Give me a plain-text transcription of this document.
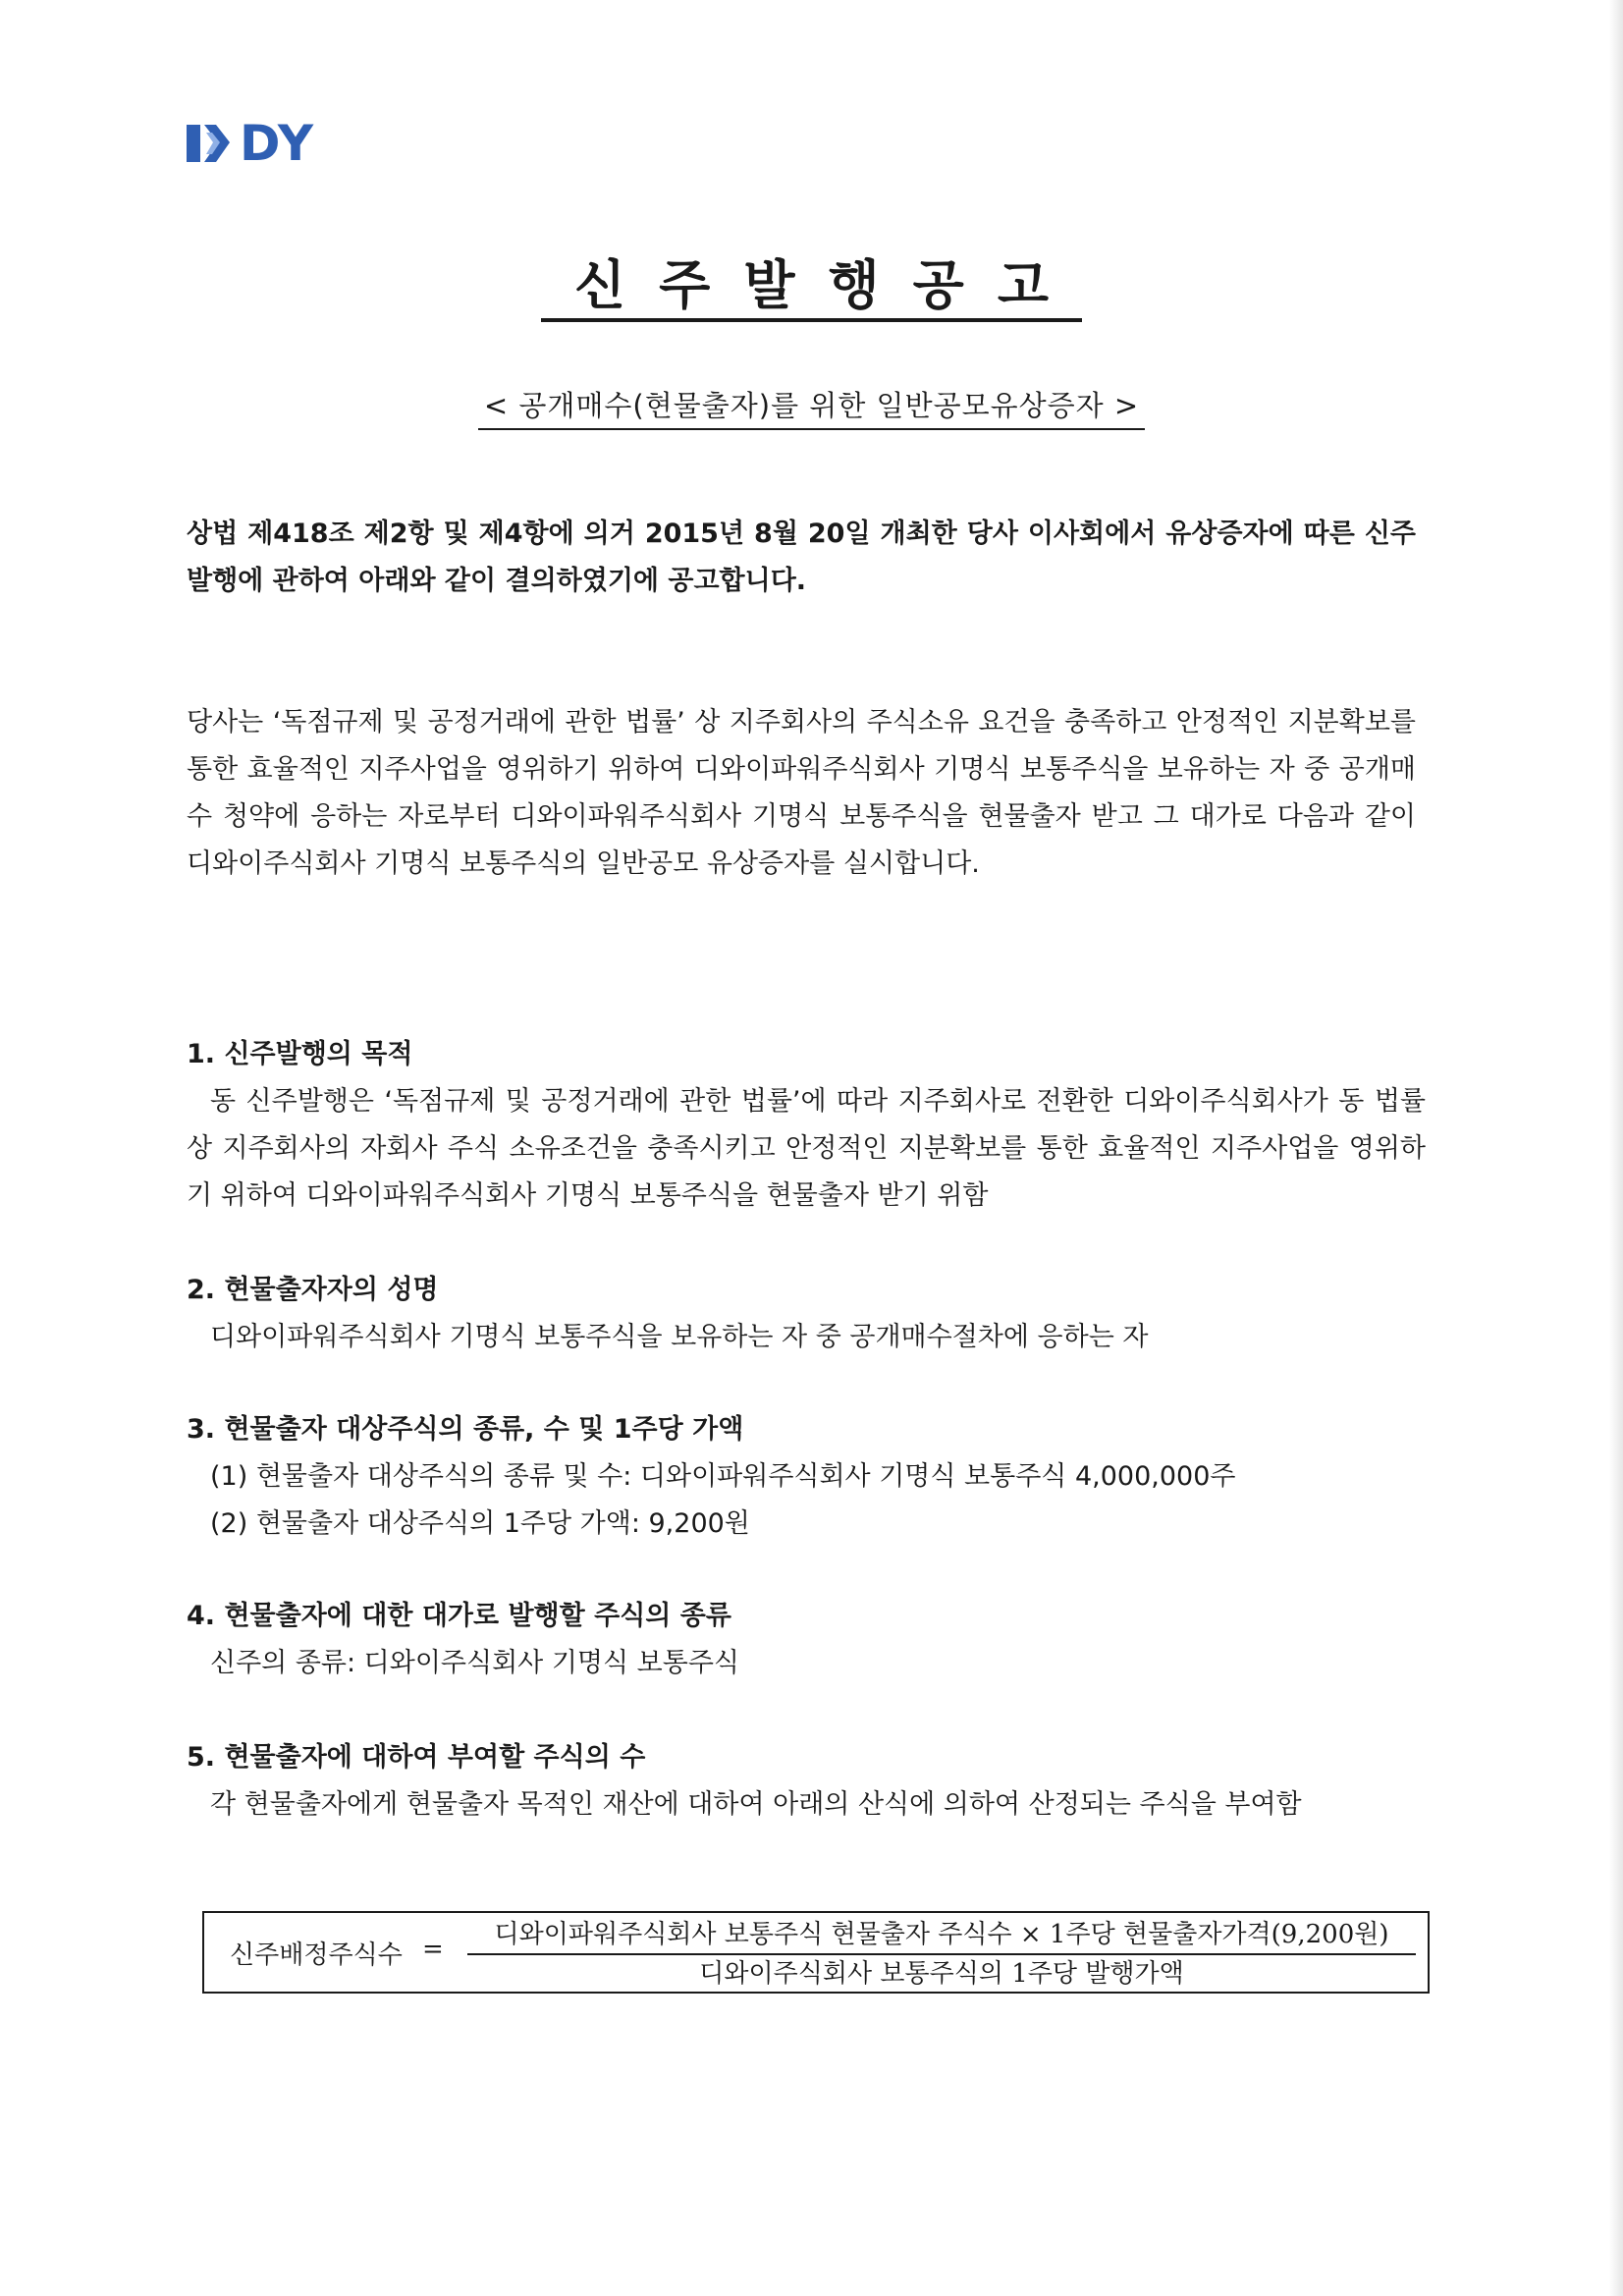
DY
신주발행공고
< 공개매수(현물출자)를 위한 일반공모유상증자 >
상법 제418조 제2항 및 제4항에 의거 2015년 8월 20일 개최한 당사 이사회에서 유상증자에 따른 신주발행에 관하여 아래와 같이 결의하였기에 공고합니다.
당사는 ‘독점규제 및 공정거래에 관한 법률’ 상 지주회사의 주식소유 요건을 충족하고 안정적인 지분확보를 통한 효율적인 지주사업을 영위하기 위하여 디와이파워주식회사 기명식 보통주식을 보유하는 자 중 공개매수 청약에 응하는 자로부터 디와이파워주식회사 기명식 보통주식을 현물출자 받고 그 대가로 다음과 같이 디와이주식회사 기명식 보통주식의 일반공모 유상증자를 실시합니다.
1. 신주발행의 목적

동 신주발행은 ‘독점규제 및 공정거래에 관한 법률’에 따라 지주회사로 전환한 디와이주식회사가 동 법률상 지주회사의 자회사 주식 소유조건을 충족시키고 안정적인 지분확보를 통한 효율적인 지주사업을 영위하기 위하여 디와이파워주식회사 기명식 보통주식을 현물출자 받기 위함

2. 현물출자자의 성명

디와이파워주식회사 기명식 보통주식을 보유하는 자 중 공개매수절차에 응하는 자

3. 현물출자 대상주식의 종류, 수 및 1주당 가액
(1) 현물출자 대상주식의 종류 및 수: 디와이파워주식회사 기명식 보통주식 4,000,000주
(2) 현물출자 대상주식의 1주당 가액: 9,200원
4. 현물출자에 대한 대가로 발행할 주식의 종류

신주의 종류: 디와이주식회사 기명식 보통주식

5. 현물출자에 대하여 부여할 주식의 수

각 현물출자에게 현물출자 목적인 재산에 대하여 아래의 산식에 의하여 산정되는 주식을 부여함

신주배정주식수 =	디와이파워주식회사 보통주식 현물출자 주식수 × 1주당 현물출자가격(9,200원)
디와이주식회사 보통주식의 1주당 발행가액
